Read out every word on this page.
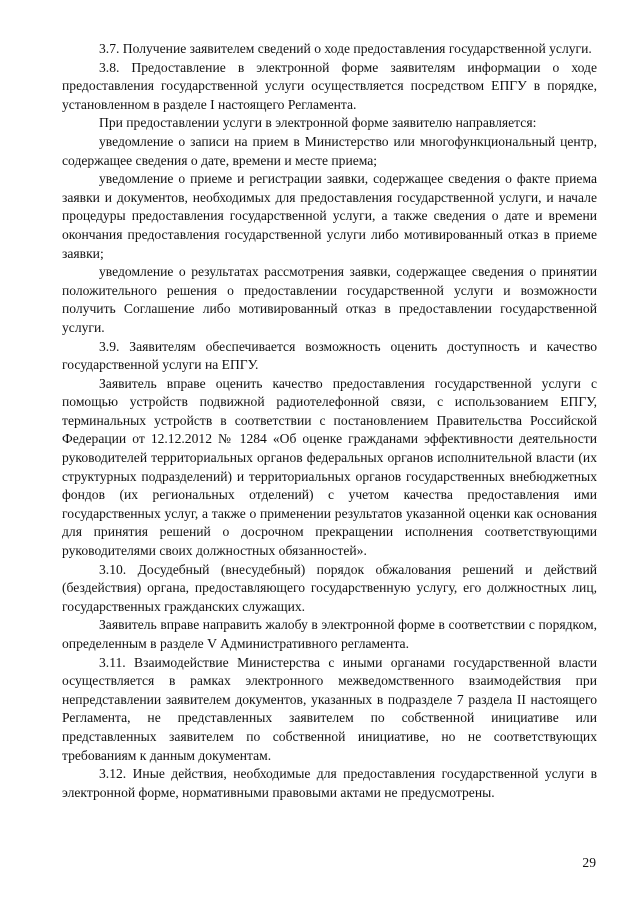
3.7. Получение заявителем сведений о ходе предоставления государственной услуги.

3.8. Предоставление в электронной форме заявителям информации о ходе предоставления государственной услуги осуществляется посредством ЕПГУ в порядке, установленном в разделе I настоящего Регламента.

При предоставлении услуги в электронной форме заявителю направляется:

уведомление о записи на прием в Министерство или многофункциональный центр, содержащее сведения о дате, времени и месте приема;

уведомление о приеме и регистрации заявки, содержащее сведения о факте приема заявки и документов, необходимых для предоставления государственной услуги, и начале процедуры предоставления государственной услуги, а также сведения о дате и времени окончания предоставления государственной услуги либо мотивированный отказ в приеме заявки;

уведомление о результатах рассмотрения заявки, содержащее сведения о принятии положительного решения о предоставлении государственной услуги и возможности получить Соглашение либо мотивированный отказ в предоставлении государственной услуги.

3.9. Заявителям обеспечивается возможность оценить доступность и качество государственной услуги на ЕПГУ.

Заявитель вправе оценить качество предоставления государственной услуги с помощью устройств подвижной радиотелефонной связи, с использованием ЕПГУ, терминальных устройств в соответствии с постановлением Правительства Российской Федерации от 12.12.2012 № 1284 «Об оценке гражданами эффективности деятельности руководителей территориальных органов федеральных органов исполнительной власти (их структурных подразделений) и территориальных органов государственных внебюджетных фондов (их региональных отделений) с учетом качества предоставления ими государственных услуг, а также о применении результатов указанной оценки как основания для принятия решений о досрочном прекращении исполнения соответствующими руководителями своих должностных обязанностей».

3.10. Досудебный (внесудебный) порядок обжалования решений и действий (бездействия) органа, предоставляющего государственную услугу, его должностных лиц, государственных гражданских служащих.

Заявитель вправе направить жалобу в электронной форме в соответствии с порядком, определенным в разделе V Административного регламента.

3.11. Взаимодействие Министерства с иными органами государственной власти осуществляется в рамках электронного межведомственного взаимодействия при непредставлении заявителем документов, указанных в подразделе 7 раздела II настоящего Регламента, не представленных заявителем по собственной инициативе или представленных заявителем по собственной инициативе, но не соответствующих требованиям к данным документам.

3.12. Иные действия, необходимые для предоставления государственной услуги в электронной форме, нормативными правовыми актами не предусмотрены.

29
